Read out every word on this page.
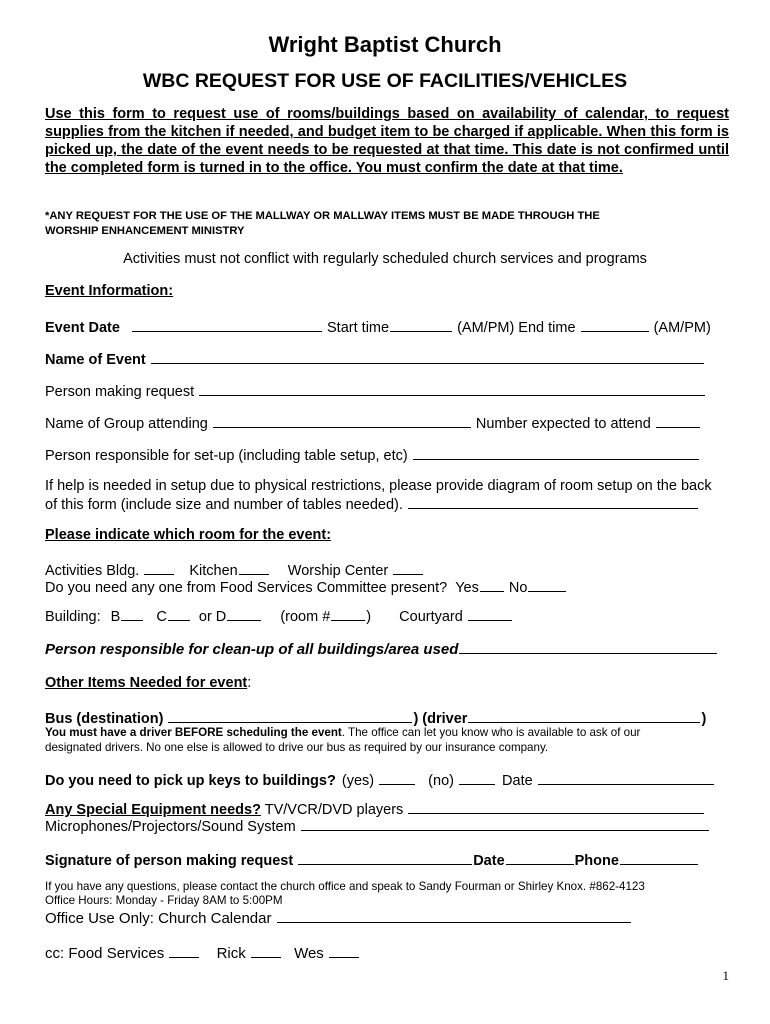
Wright Baptist Church
WBC REQUEST FOR USE OF FACILITIES/VEHICLES
Use this form to request use of rooms/buildings based on availability of calendar, to request supplies from the kitchen if needed, and budget item to be charged if applicable. When this form is picked up, the date of the event needs to be requested at that time. This date is not confirmed until the completed form is turned in to the office. You must confirm the date at that time.
*ANY REQUEST FOR THE USE OF THE MALLWAY OR MALLWAY ITEMS MUST BE MADE THROUGH THE
WORSHIP ENHANCEMENT MINISTRY
Activities must not conflict with regularly scheduled church services and programs
Event Information:
Event Date	Start time	(AM/PM) End time	(AM/PM)
Name of Event
Person making request
Name of Group attending	Number expected to attend
Person responsible for set-up (including table setup, etc)
If help is needed in setup due to physical restrictions, please provide diagram of room setup on the back
of this form (include size and number of tables needed).
Please indicate which room for the event:
Activities Bldg.	Kitchen	Worship Center
Do you need any one from Food Services Committee present? Yes No
Building: B C or D	(room # ) Courtyard
Person responsible for clean-up of all buildings/area used
Other Items Needed for event:
Bus (destination)	) (driver	)
You must have a driver BEFORE scheduling the event. The office can let you know who is available to ask of our
designated drivers. No one else is allowed to drive our bus as required by our insurance company.
Do you need to pick up keys to buildings? (yes)	(no)	Date
Any Special Equipment needs? TV/VCR/DVD players
Microphones/Projectors/Sound System
Signature of person making request	Date	Phone
If you have any questions, please contact the church office and speak to Sandy Fourman or Shirley Knox. #862-4123
Office Hours: Monday - Friday 8AM to 5:00PM
Office Use Only: Church Calendar
cc: Food Services	Rick	Wes
1
